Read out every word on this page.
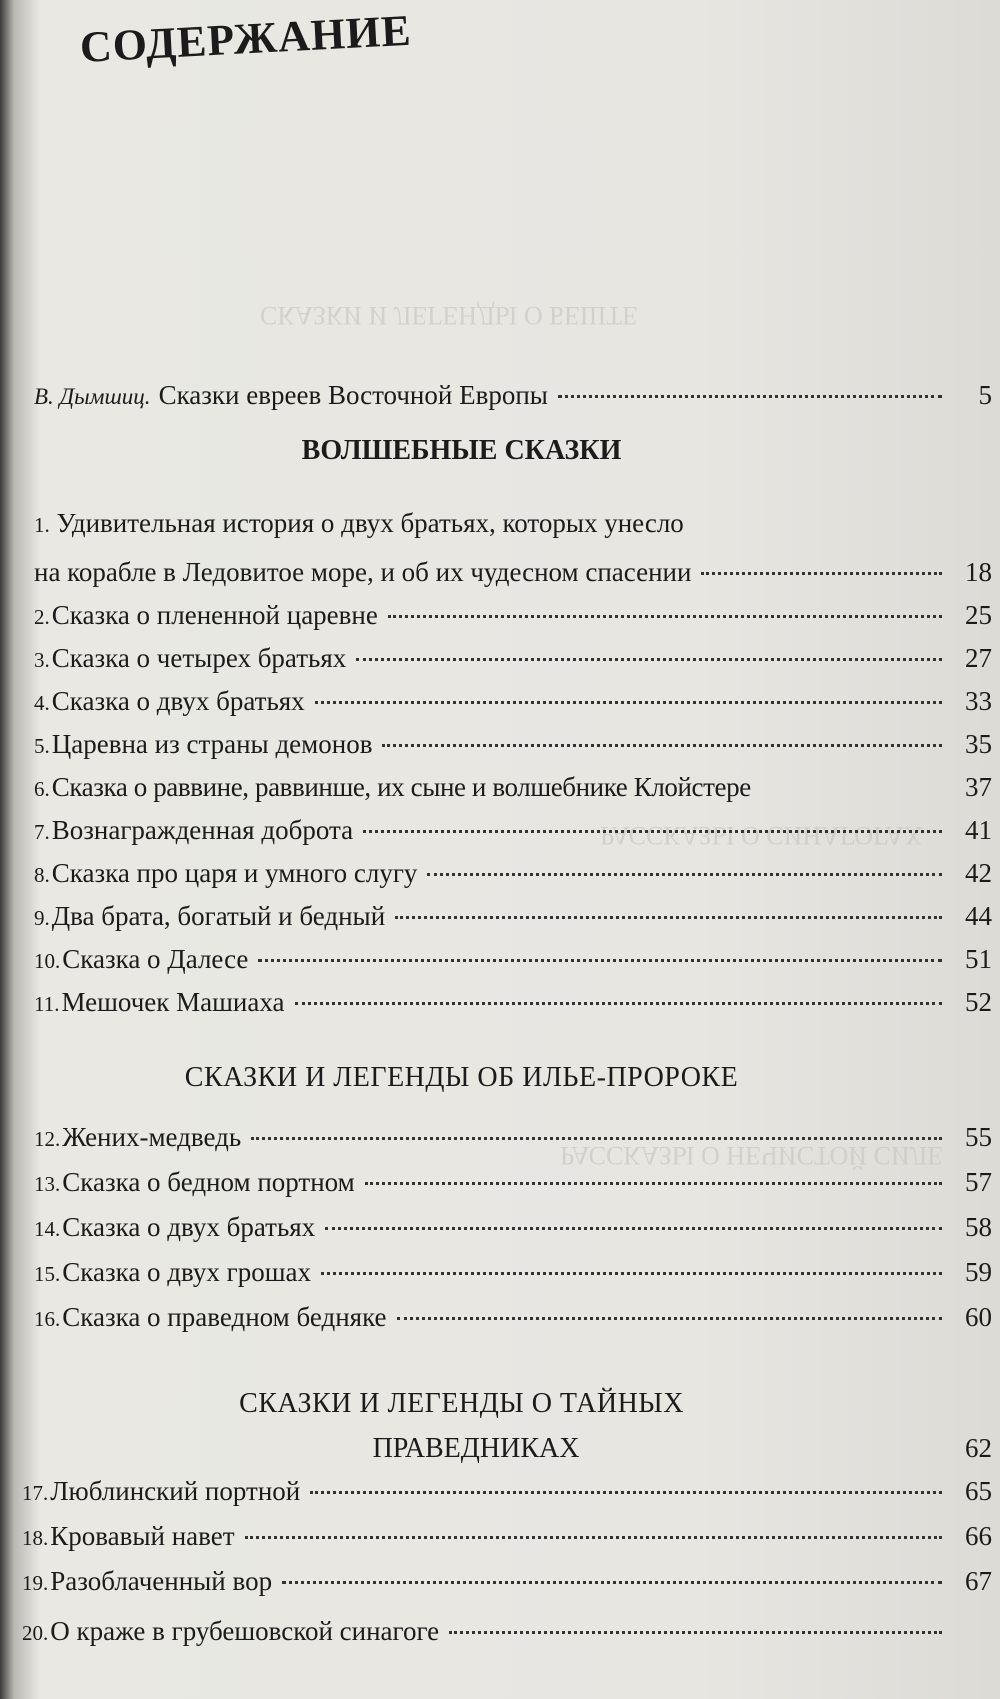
СКАЗКИ И ЛЕГЕНДЫ О БЕШТЕ
РАССКАЗЫ О СИНАГОГАХ
РАССКАЗЫ О НЕЧИСТОЙ СИЛЕ
СОДЕРЖАНИЕ
В. Дымшиц. Сказки евреев Восточной Европы	5
ВОЛШЕБНЫЕ СКАЗКИ
1. Удивительная история о двух братьях, которых унесло
на корабле в Ледовитое море, и об их чудесном спасении	18
2. Сказка о плененной царевне	25
3. Сказка о четырех братьях	27
4. Сказка о двух братьях	33
5. Царевна из страны демонов	35
6. Сказка о раввине, раввинше, их сыне и волшебнике Клойстере	37
7. Вознагражденная доброта	41
8. Сказка про царя и умного слугу	42
9. Два брата, богатый и бедный	44
10. Сказка о Далесе	51
11. Мешочек Машиаха	52
СКАЗКИ И ЛЕГЕНДЫ ОБ ИЛЬЕ-ПРОРОКЕ
12. Жених-медведь	55
13. Сказка о бедном портном	57
14. Сказка о двух братьях	58
15. Сказка о двух грошах	59
16. Сказка о праведном бедняке	60
СКАЗКИ И ЛЕГЕНДЫ О ТАЙНЫХ
ПРАВЕДНИКАХ	62
17. Люблинский портной	65
18. Кровавый навет	66
19. Разоблаченный вор	67
20. О краже в грубешовской синагоге
